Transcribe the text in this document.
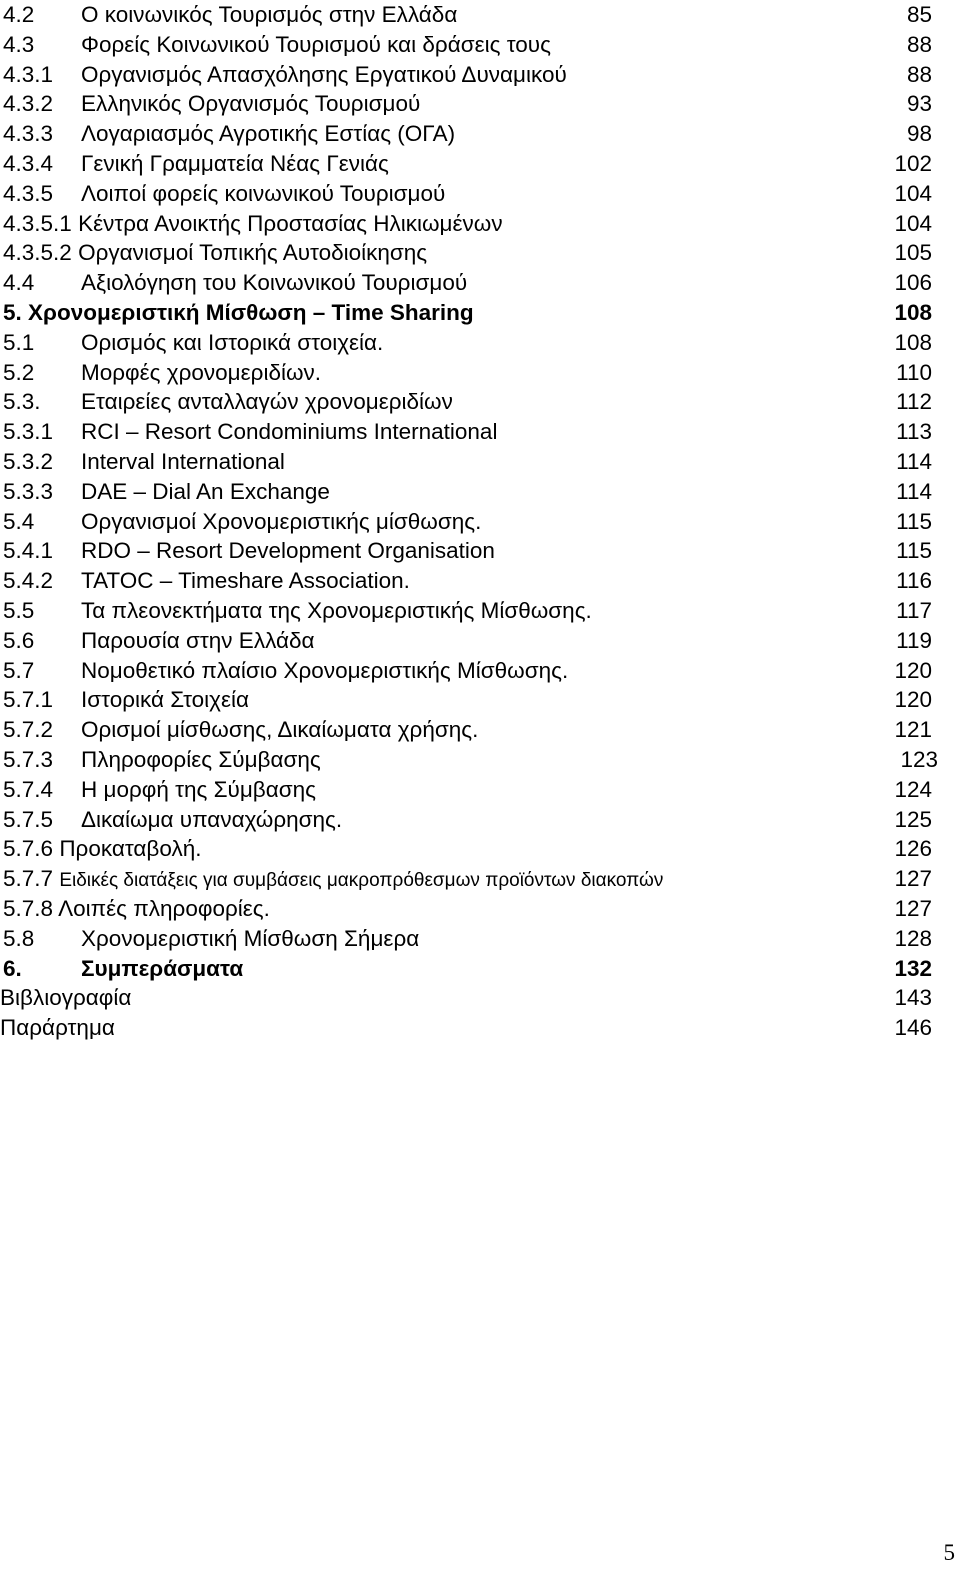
4.2 Ο κοινωνικός Τουρισμός στην Ελλάδα	85
4.3 Φορείς Κοινωνικού Τουρισμού και δράσεις τους	88
4.3.1 Οργανισμός Απασχόλησης Εργατικού Δυναμικού	88
4.3.2 Ελληνικός Οργανισμός Τουρισμού	93
4.3.3 Λογαριασμός Αγροτικής Εστίας (ΟΓΑ)	98
4.3.4 Γενική Γραμματεία Νέας Γενιάς	102
4.3.5 Λοιποί φορείς κοινωνικού Τουρισμού	104
4.3.5.1 Κέντρα Ανοικτής Προστασίας Ηλικιωμένων	104
4.3.5.2 Οργανισμοί Τοπικής Αυτοδιοίκησης	105
4.4 Αξιολόγηση του Κοινωνικού Τουρισμού	106
5. Χρονομεριστική Μίσθωση – Time Sharing	108
5.1 Ορισμός και Ιστορικά στοιχεία.	108
5.2 Μορφές χρονομεριδίων.	110
5.3. Εταιρείες ανταλλαγών χρονομεριδίων	112
5.3.1 RCI – Resort Condominiums International	113
5.3.2 Interval International	114
5.3.3 DAE – Dial An Exchange	114
5.4 Οργανισμοί Χρονομεριστικής μίσθωσης.	115
5.4.1 RDO – Resort Development Organisation	115
5.4.2 TATOC – Timeshare Association.	116
5.5 Τα πλεονεκτήματα της Χρονομεριστικής Μίσθωσης.	117
5.6 Παρουσία στην Ελλάδα	119
5.7 Νομοθετικό πλαίσιο Χρονομεριστικής Μίσθωσης.	120
5.7.1 Ιστορικά Στοιχεία	120
5.7.2 Ορισμοί μίσθωσης, Δικαίωματα χρήσης.	121
5.7.3 Πληροφορίες Σύμβασης	123
5.7.4 Η μορφή της Σύμβασης	124
5.7.5 Δικαίωμα υπαναχώρησης.	125
5.7.6 Προκαταβολή.	126
5.7.7 Ειδικές διατάξεις για συμβάσεις μακροπρόθεσμων προϊόντων διακοπών	127
5.7.8 Λοιπές πληροφορίες.	127
5.8 Χρονομεριστική Μίσθωση Σήμερα	128
6.	Συμπεράσματα	132
Βιβλιογραφία	143
Παράρτημα	146
5
